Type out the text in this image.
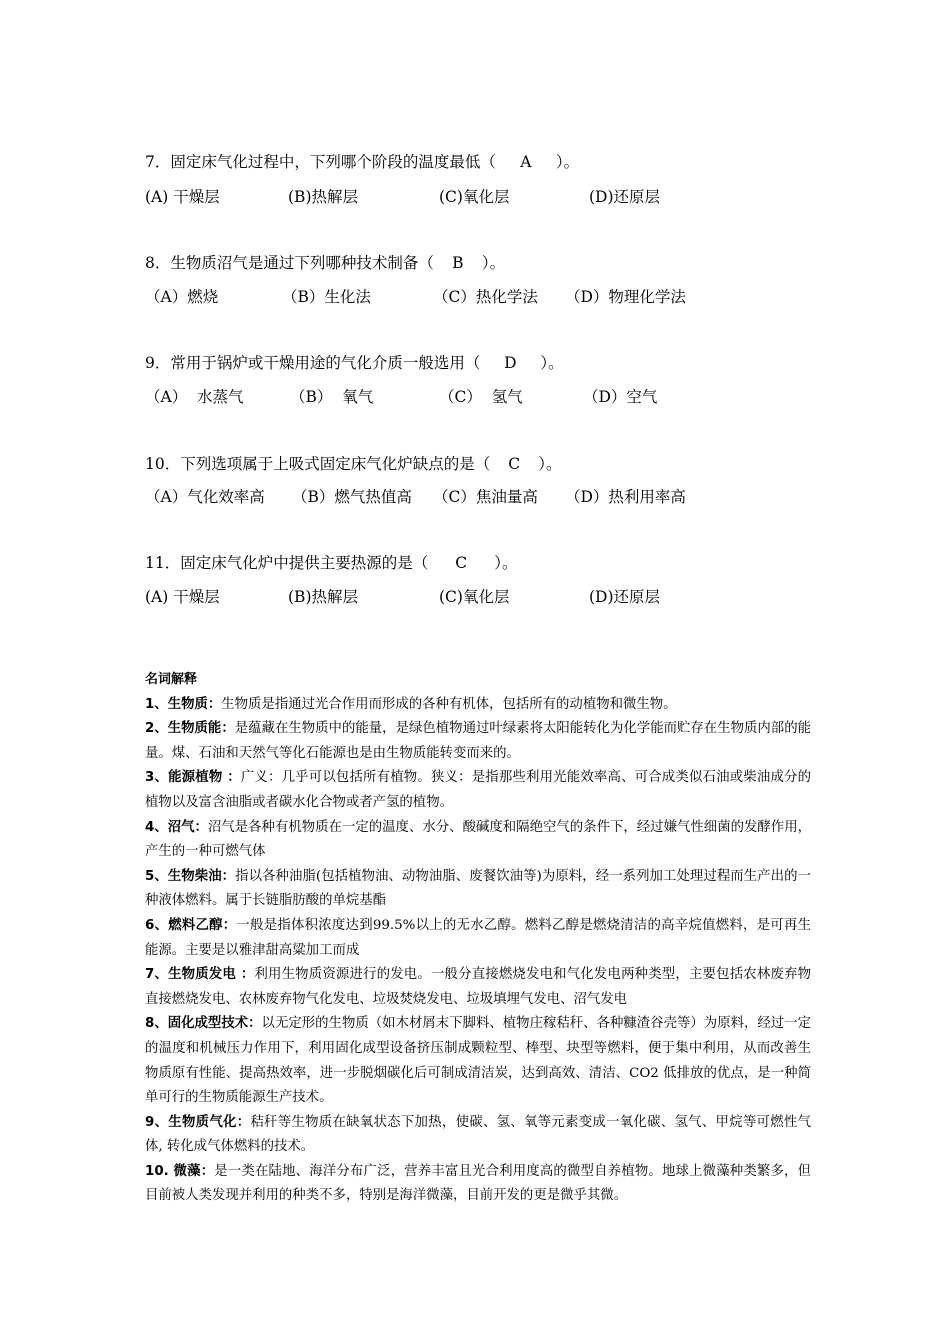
7．固定床气化过程中，下列哪个阶段的温度最低（ A ）。

(A) 干燥层

	(B)热解层

	(C)氧化层

	(D)还原层

8．生物质沼气是通过下列哪种技术制备（ B ）。

（A）燃烧

	（B）生化法

	（C）热化学法

（D）物理化学法

9．常用于锅炉或干燥用途的气化介质一般选用（ D ）。

（A）  水蒸气

	（B）  氧气

	（C）  氢气

	（D）空气

10．下列选项属于上吸式固定床气化炉缺点的是（ C ）。

（A）气化效率高

（B）燃气热值高

（C）焦油量高

（D）热利用率高

11．固定床气化炉中提供主要热源的是（ C ）。

(A) 干燥层

	(B)热解层

	(C)氧化层

	(D)还原层

名词解释

1、生物质：生物质是指通过光合作用而形成的各种有机体，包括所有的动植物和微生物。

2、生物质能：是蕴藏在生物质中的能量，是绿色植物通过叶绿素将太阳能转化为化学能而贮存在生物质内部的能量。煤、石油和天然气等化石能源也是由生物质能转变而来的。

3、能源植物 ：广义：几乎可以包括所有植物。狭义：是指那些利用光能效率高、可合成类似石油或柴油成分的植物以及富含油脂或者碳水化合物或者产氢的植物。

4、沼气：沼气是各种有机物质在一定的温度、水分、酸碱度和隔绝空气的条件下，经过嫌气性细菌的发酵作用，产生的一种可燃气体

5、生物柴油：指以各种油脂(包括植物油、动物油脂、废餐饮油等)为原料，经一系列加工处理过程而生产出的一种液体燃料。属于长链脂肪酸的单烷基酯

6、燃料乙醇：一般是指体积浓度达到99.5%以上的无水乙醇。燃料乙醇是燃烧清洁的高辛烷值燃料，是可再生能源。主要是以雅津甜高粱加工而成

7、生物质发电 ：利用生物质资源进行的发电。一般分直接燃烧发电和气化发电两种类型，主要包括农林废弃物直接燃烧发电、农林废弃物气化发电、垃圾焚烧发电、垃圾填埋气发电、沼气发电

8、固化成型技术：以无定形的生物质（如木材屑末下脚料、植物庄稼秸秆、各种糠渣谷壳等）为原料，经过一定的温度和机械压力作用下，利用固化成型设备挤压制成颗粒型、棒型、块型等燃料，便于集中利用，从而改善生物质原有性能、提高热效率，进一步脱烟碳化后可制成清洁炭，达到高效、清洁、CO2 低排放的优点，是一种简单可行的生物质能源生产技术。

9、生物质气化：秸秆等生物质在缺氧状态下加热，使碳、氢、氧等元素变成一氧化碳、氢气、甲烷等可燃性气体, 转化成气体燃料的技术。

10. 微藻：是一类在陆地、海洋分布广泛，营养丰富且光合利用度高的微型自养植物。地球上微藻种类繁多，但目前被人类发现并利用的种类不多，特别是海洋微藻，目前开发的更是微乎其微。
